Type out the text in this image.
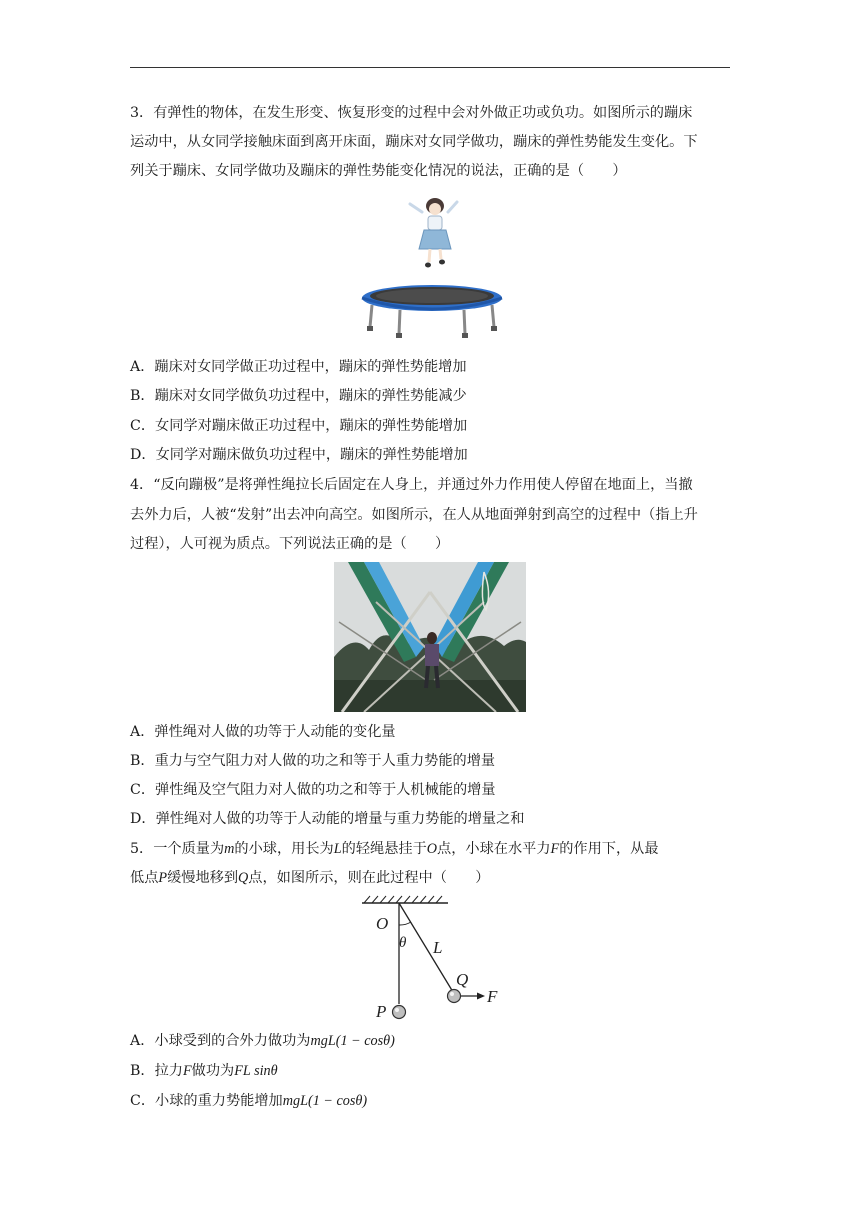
3．有弹性的物体，在发生形变、恢复形变的过程中会对外做正功或负功。如图所示的蹦床
运动中，从女同学接触床面到离开床面，蹦床对女同学做功，蹦床的弹性势能发生变化。下
列关于蹦床、女同学做功及蹦床的弹性势能变化情况的说法，正确的是（　　）
A．蹦床对女同学做正功过程中，蹦床的弹性势能增加
B．蹦床对女同学做负功过程中，蹦床的弹性势能减少
C．女同学对蹦床做正功过程中，蹦床的弹性势能增加
D．女同学对蹦床做负功过程中，蹦床的弹性势能增加
4．“反向蹦极”是将弹性绳拉长后固定在人身上，并通过外力作用使人停留在地面上，当撤
去外力后，人被“发射”出去冲向高空。如图所示，在人从地面弹射到高空的过程中（指上升
过程），人可视为质点。下列说法正确的是（　　）
A．弹性绳对人做的功等于人动能的变化量
B．重力与空气阻力对人做的功之和等于人重力势能的增量
C．弹性绳及空气阻力对人做的功之和等于人机械能的增量
D．弹性绳对人做的功等于人动能的增量与重力势能的增量之和
5．一个质量为m的小球，用长为L的轻绳悬挂于O点，小球在水平力F的作用下，从最
低点P缓慢地移到Q点，如图所示，则在此过程中（　　）
O
θ L
Q
F
P
A．小球受到的合外力做功为mgL(1 − cosθ)
B．拉力F做功为FL sinθ
C．小球的重力势能增加mgL(1 − cosθ)
